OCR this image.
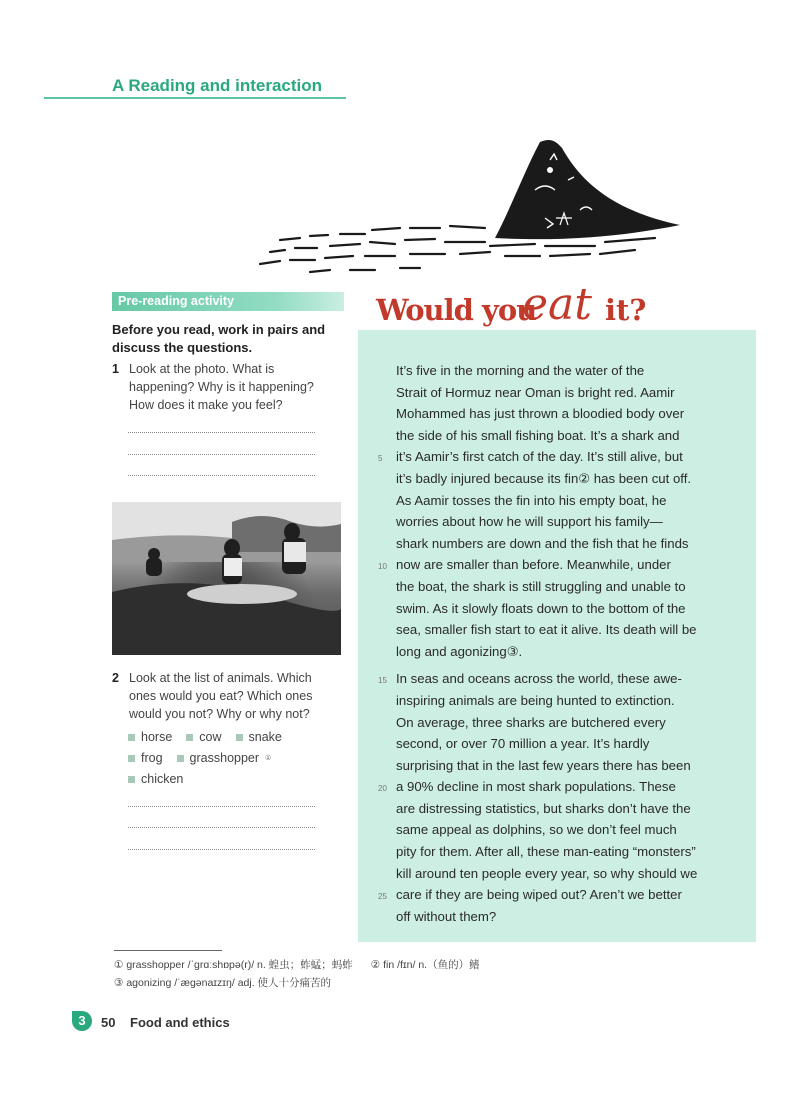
A Reading and interaction
Pre-reading activity
Before you read, work in pairs and discuss the questions.
1 Look at the photo. What is
happening? Why is it happening?
How does it make you feel?
2 Look at the list of animals. Which
ones would you eat? Which ones
would you not? Why or why not?
horse cow snake
frog grasshopper ①
chicken
Would you
eat it?
It’s five in the morning and the water of the
Strait of Hormuz near Oman is bright red. Aamir
Mohammed has just thrown a bloodied body over
the side of his small fishing boat. It’s a shark and
it’s Aamir’s first catch of the day. It’s still alive, but
it’s badly injured because its fin② has been cut off.
As Aamir tosses the fin into his empty boat, he
worries about how he will support his family—
shark numbers are down and the fish that he finds
now are smaller than before. Meanwhile, under
the boat, the shark is still struggling and unable to
swim. As it slowly floats down to the bottom of the
sea, smaller fish start to eat it alive. Its death will be
long and agonizing③.
In seas and oceans across the world, these awe-
inspiring animals are being hunted to extinction.
On average, three sharks are butchered every
second, or over 70 million a year. It’s hardly
surprising that in the last few years there has been
a 90% decline in most shark populations. These
are distressing statistics, but sharks don’t have the
same appeal as dolphins, so we don’t feel much
pity for them. After all, these man-eating “monsters”
kill around ten people every year, so why should we
care if they are being wiped out? Aren’t we better
off without them?
5
10
15
20
25
① grasshopper /ˈɡrɑːshɒpə(r)/ n. 蝗虫；蚱蜢；蚂蚱 ② fin /fɪn/ n.（鱼的）鳍
③ agonizing /ˈæɡənaɪzɪŋ/ adj. 使人十分痛苦的
3	50 Food and ethics
